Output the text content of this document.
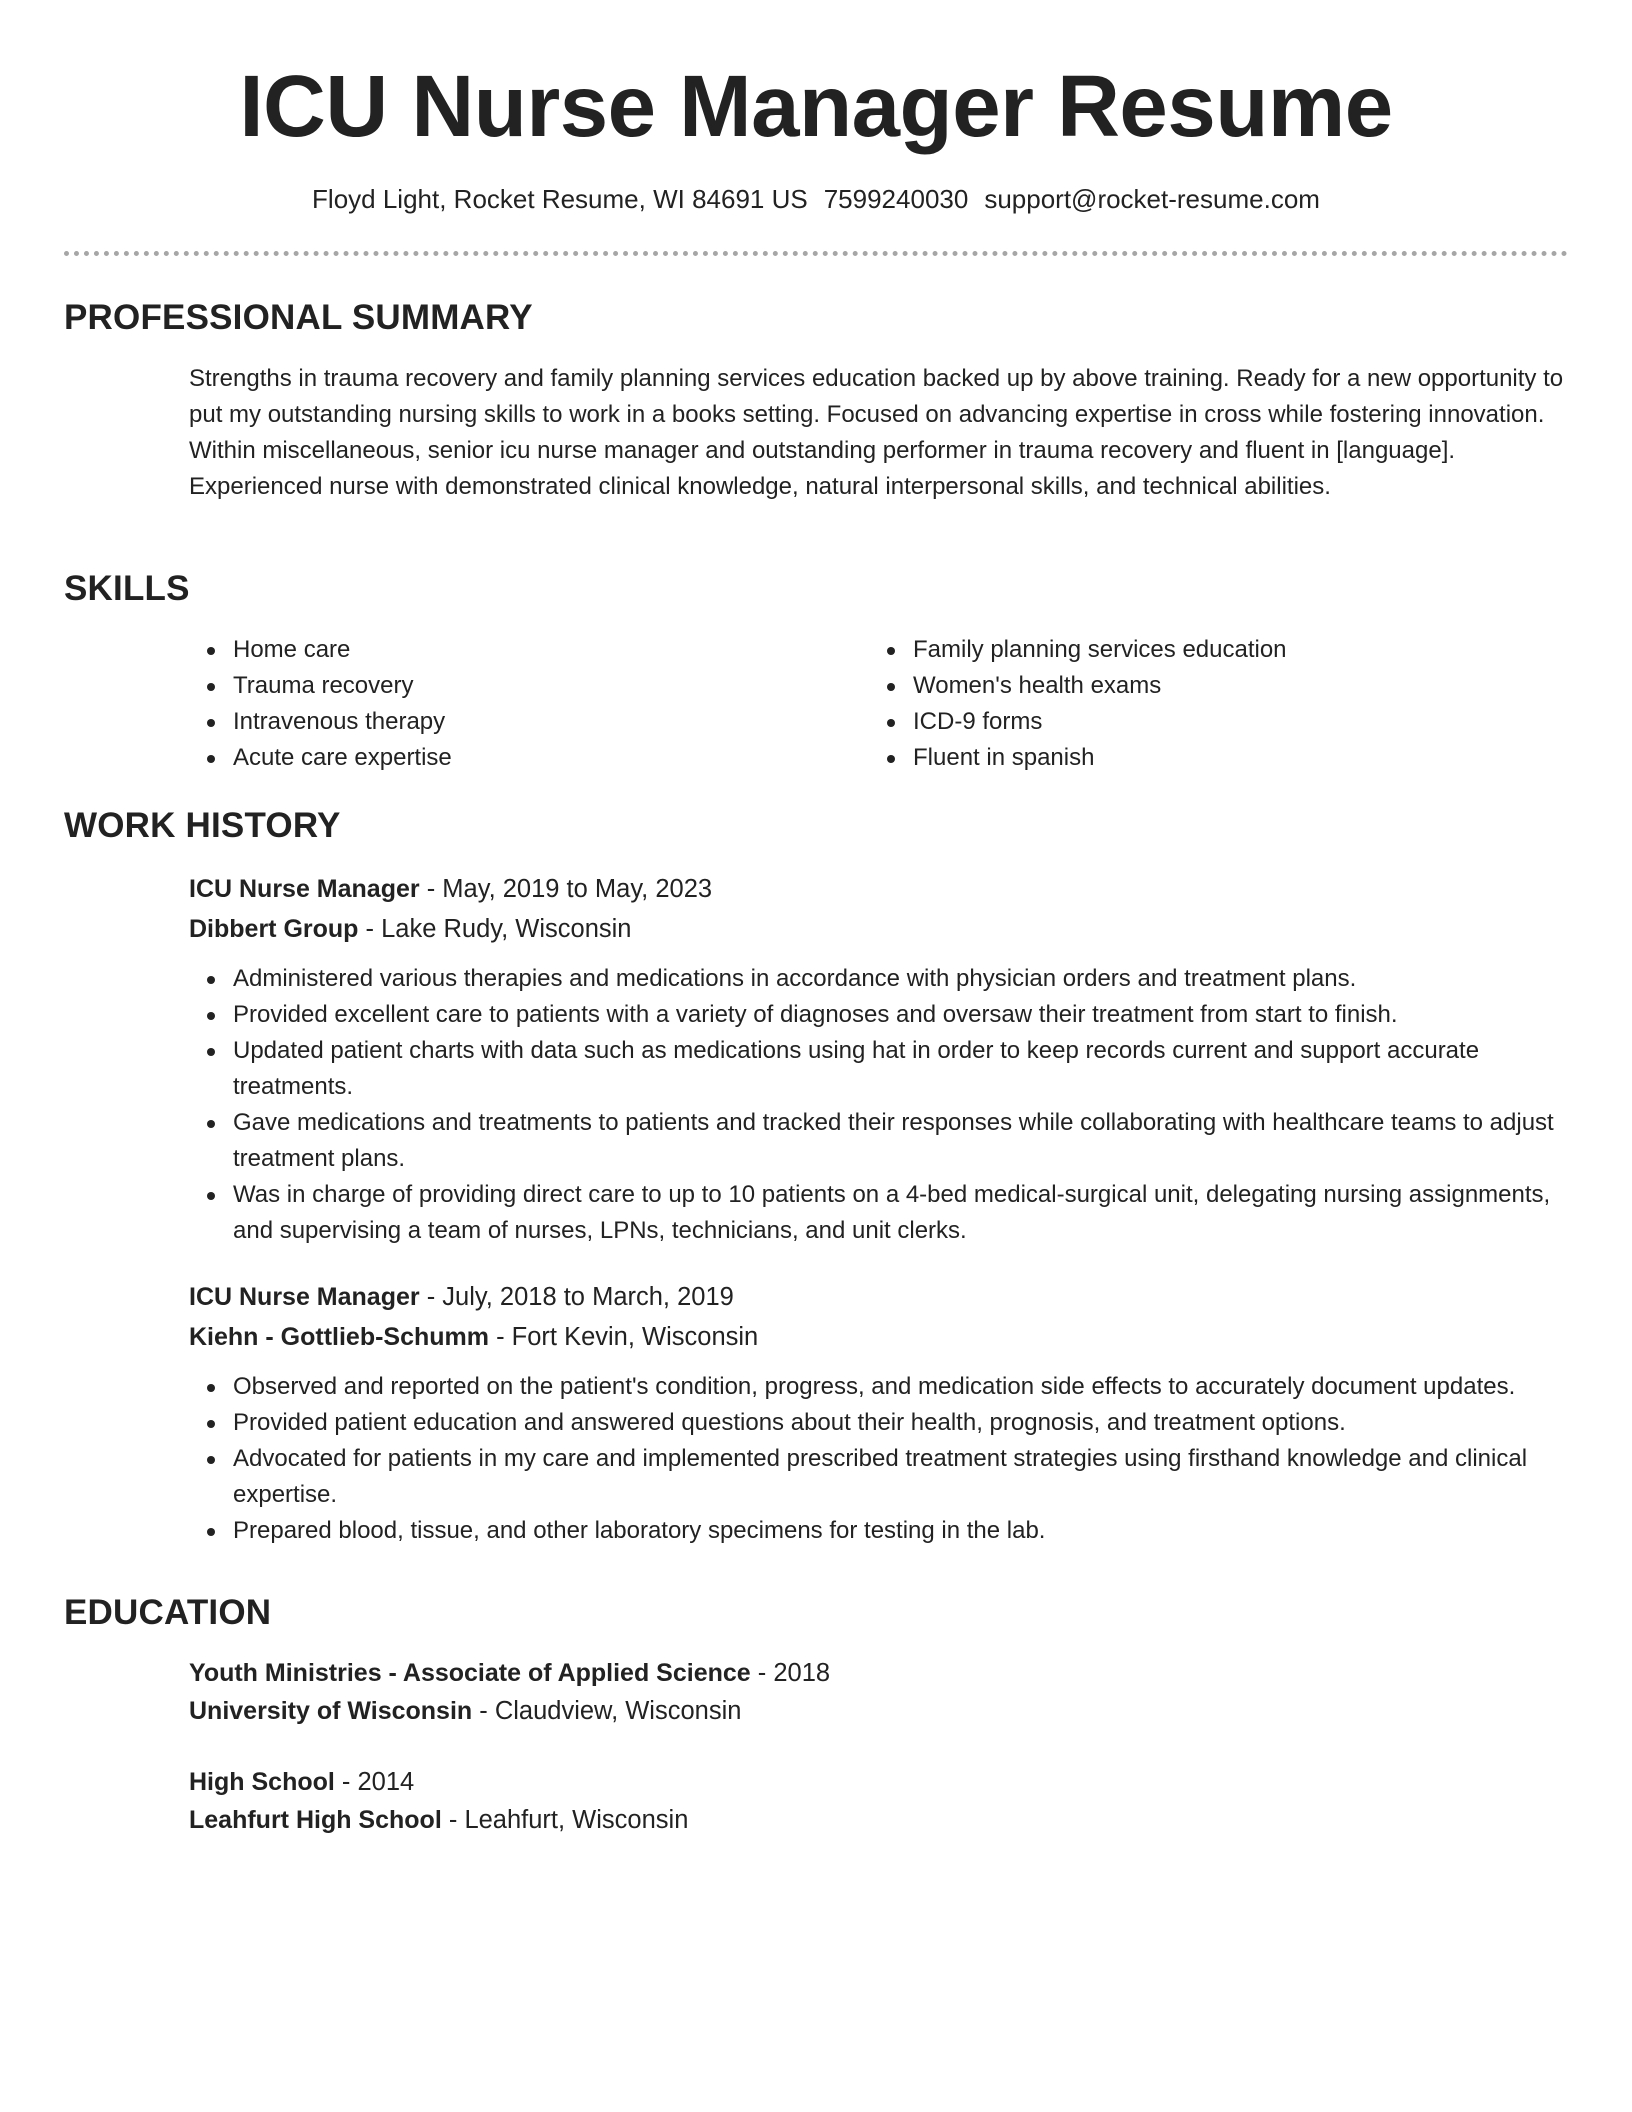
ICU Nurse Manager Resume
Floyd Light, Rocket Resume, WI 84691 US 7599240030 support@rocket-resume.com
PROFESSIONAL SUMMARY
Strengths in trauma recovery and family planning services education backed up by above training. Ready for a new opportunity to put my outstanding nursing skills to work in a books setting. Focused on advancing expertise in cross while fostering innovation. Within miscellaneous, senior icu nurse manager and outstanding performer in trauma recovery and fluent in [language]. Experienced nurse with demonstrated clinical knowledge, natural interpersonal skills, and technical abilities.
SKILLS
Home care
Trauma recovery
Intravenous therapy
Acute care expertise
Family planning services education
Women's health exams
ICD-9 forms
Fluent in spanish
WORK HISTORY
ICU Nurse Manager - May, 2019 to May, 2023
Dibbert Group - Lake Rudy, Wisconsin
Administered various therapies and medications in accordance with physician orders and treatment plans.
Provided excellent care to patients with a variety of diagnoses and oversaw their treatment from start to finish.
Updated patient charts with data such as medications using hat in order to keep records current and support accurate treatments.
Gave medications and treatments to patients and tracked their responses while collaborating with healthcare teams to adjust treatment plans.
Was in charge of providing direct care to up to 10 patients on a 4-bed medical-surgical unit, delegating nursing assignments, and supervising a team of nurses, LPNs, technicians, and unit clerks.
ICU Nurse Manager - July, 2018 to March, 2019
Kiehn - Gottlieb-Schumm - Fort Kevin, Wisconsin
Observed and reported on the patient's condition, progress, and medication side effects to accurately document updates.
Provided patient education and answered questions about their health, prognosis, and treatment options.
Advocated for patients in my care and implemented prescribed treatment strategies using firsthand knowledge and clinical expertise.
Prepared blood, tissue, and other laboratory specimens for testing in the lab.
EDUCATION
Youth Ministries - Associate of Applied Science - 2018
University of Wisconsin - Claudview, Wisconsin
High School - 2014
Leahfurt High School - Leahfurt, Wisconsin
